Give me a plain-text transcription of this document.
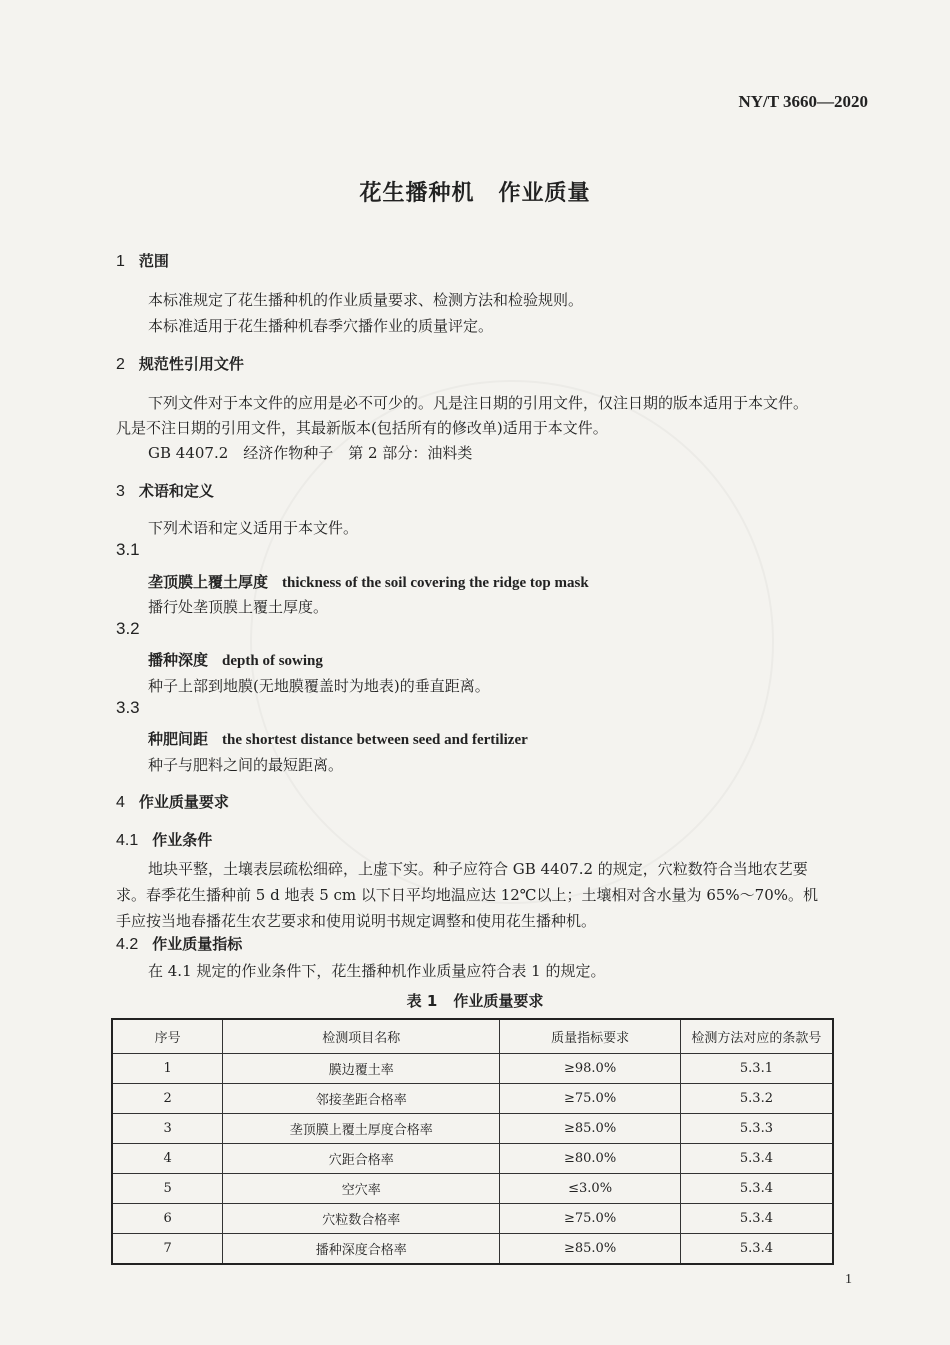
NY/T 3660—2020
花生播种机 作业质量
1 范围
本标准规定了花生播种机的作业质量要求、检测方法和检验规则。
本标准适用于花生播种机春季穴播作业的质量评定。
2 规范性引用文件
下列文件对于本文件的应用是必不可少的。凡是注日期的引用文件，仅注日期的版本适用于本文件。
凡是不注日期的引用文件，其最新版本(包括所有的修改单)适用于本文件。
GB 4407.2　经济作物种子　第 2 部分：油料类
3 术语和定义
下列术语和定义适用于本文件。
3.1
垄顶膜上覆土厚度 thickness of the soil covering the ridge top mask
播行处垄顶膜上覆土厚度。
3.2
播种深度 depth of sowing
种子上部到地膜(无地膜覆盖时为地表)的垂直距离。
3.3
种肥间距 the shortest distance between seed and fertilizer
种子与肥料之间的最短距离。
4 作业质量要求
4.1 作业条件
地块平整，土壤表层疏松细碎，上虚下实。种子应符合 GB 4407.2 的规定，穴粒数符合当地农艺要
求。春季花生播种前 5 d 地表 5 cm 以下日平均地温应达 12℃以上；土壤相对含水量为 65%～70%。机
手应按当地春播花生农艺要求和使用说明书规定调整和使用花生播种机。
4.2 作业质量指标
在 4.1 规定的作业条件下，花生播种机作业质量应符合表 1 的规定。
表 1 作业质量要求
序号	检测项目名称	质量指标要求	检测方法对应的条款号
1	膜边覆土率	≥98.0%	5.3.1
2	邻接垄距合格率	≥75.0%	5.3.2
3	垄顶膜上覆土厚度合格率	≥85.0%	5.3.3
4	穴距合格率	≥80.0%	5.3.4
5	空穴率	≤3.0%	5.3.4
6	穴粒数合格率	≥75.0%	5.3.4
7	播种深度合格率	≥85.0%	5.3.4
1
